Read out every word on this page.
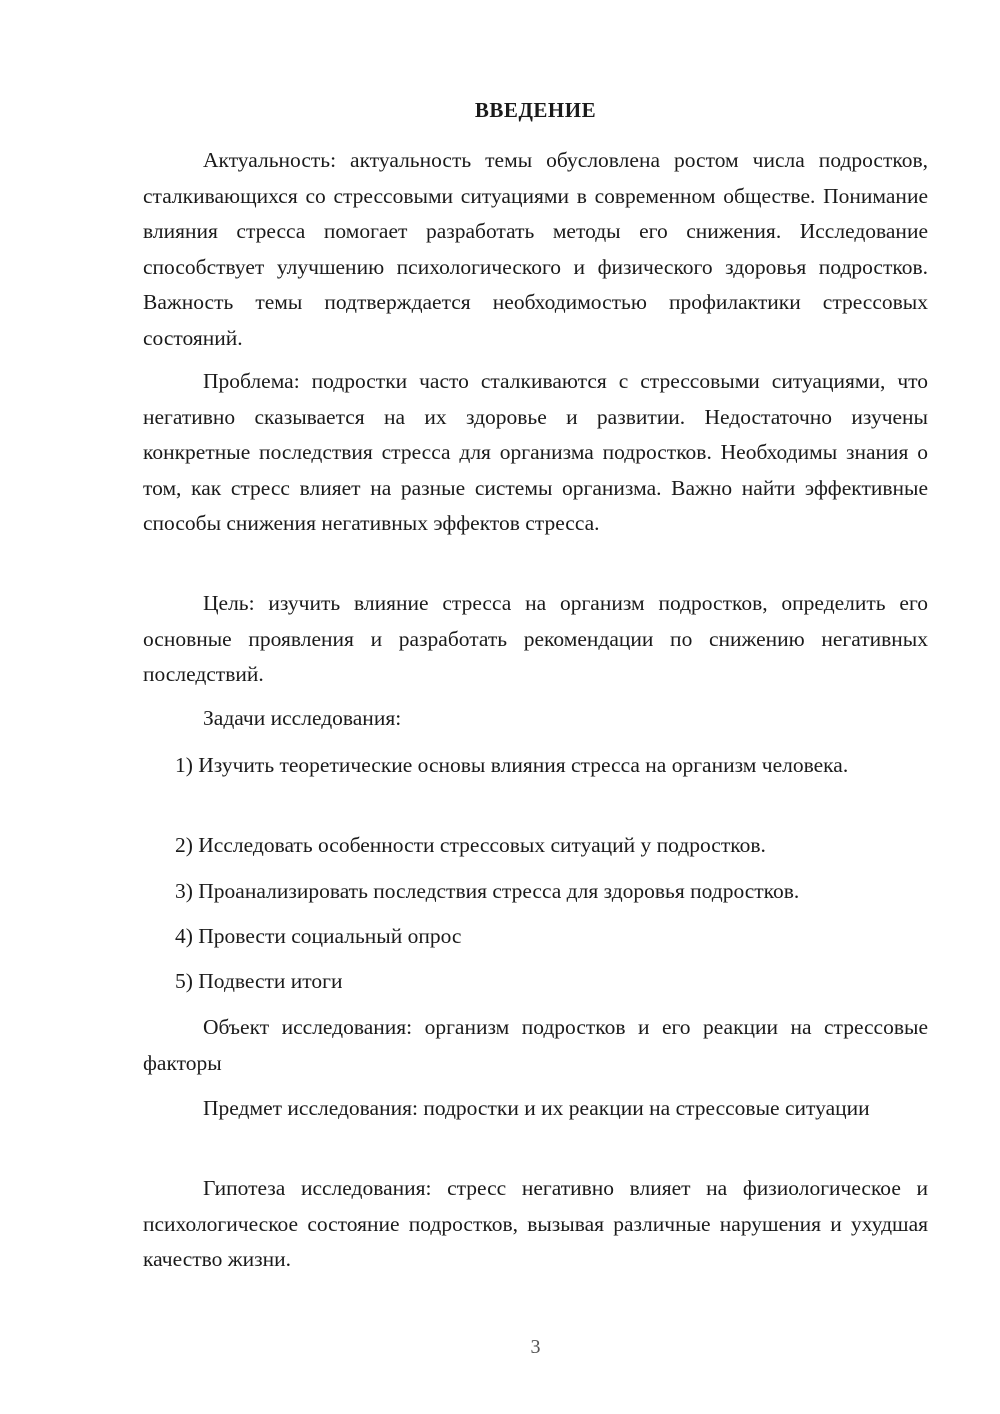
ВВЕДЕНИЕ

Актуальность: актуальность темы обусловлена ростом числа подростков, сталкивающихся со стрессовыми ситуациями в современном обществе. Понимание влияния стресса помогает разработать методы его снижения. Исследование способствует улучшению психологического и физического здоровья подростков. Важность темы подтверждается необходимостью профилактики стрессовых состояний.

Проблема: подростки часто сталкиваются с стрессовыми ситуациями, что негативно сказывается на их здоровье и развитии. Недостаточно изучены конкретные последствия стресса для организма подростков. Необходимы знания о том, как стресс влияет на разные системы организма. Важно найти эффективные способы снижения негативных эффектов стресса.

Цель: изучить влияние стресса на организм подростков, определить его основные проявления и разработать рекомендации по снижению негативных последствий.

Задачи исследования:

1) Изучить теоретические основы влияния стресса на организм человека.

2) Исследовать особенности стрессовых ситуаций у подростков.

3) Проанализировать последствия стресса для здоровья подростков.

4) Провести социальный опрос

5) Подвести итоги

Объект исследования: организм подростков и его реакции на стрессовые факторы

Предмет исследования: подростки и их реакции на стрессовые ситуации

Гипотеза исследования: стресс негативно влияет на физиологическое и психологическое состояние подростков, вызывая различные нарушения и ухудшая качество жизни.

3
